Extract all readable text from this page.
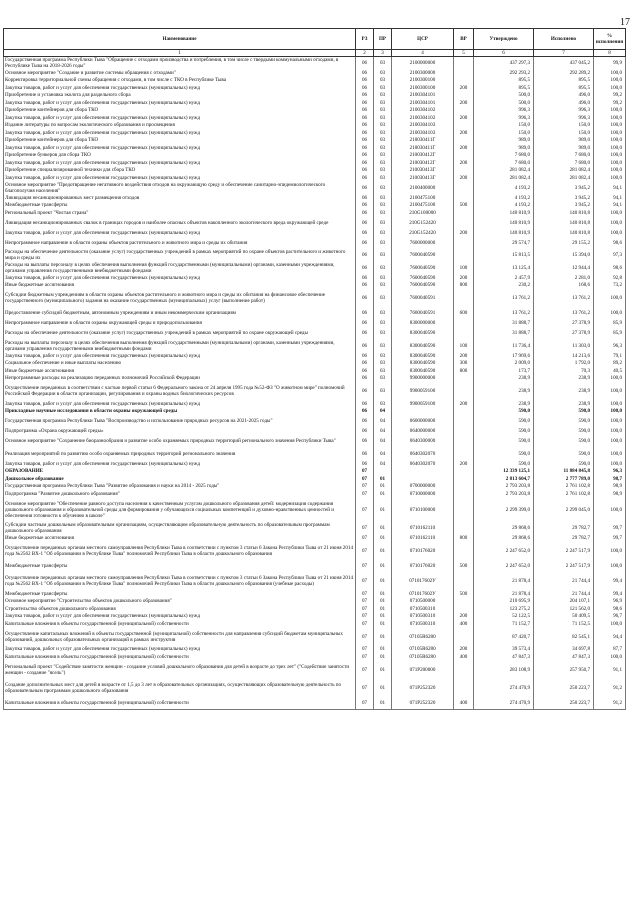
17
Наименование	РЗ	ПР	ЦСР	ВР	Утверждено	Исполнено	% исполнения
1	2	3	4	5	6	7	8
Государственная программа Республики Тыва "Обращение с отходами производства и потребления, в том числе с твердыми коммунальными отходами, в Республике Тыва на 2018-2026 годы"	06	03	2100000000		437 297,3	437 045,2	99,9
Основное мероприятие "Создание и развитие системы обращения с отходами"	06	03	2100300000		292 293,2	292 289,2	100,0
Корректировка территориальной схемы обращения с отходами, в том числе с ТКО в Республике Тыва	06	03	2100300100		895,5	895,5	100,0
Закупка товаров, работ и услуг для обеспечения государственных (муниципальных) нужд	06	03	2100300100	200	895,5	895,5	100,0
Приобретение и установка эколота для раздельного сбора	06	03	2100304101		500,0	496,0	99,2
Закупка товаров, работ и услуг для обеспечения государственных (муниципальных) нужд	06	03	2100304101	200	500,0	496,0	99,2
Приобретение контейнеров для сбора ТКО	06	03	2100304102		996,3	996,3	100,0
Закупка товаров, работ и услуг для обеспечения государственных (муниципальных) нужд	06	03	2100304102	200	996,3	996,3	100,0
Издание литературы по вопросам экологического образования и просвещения	06	03	2100304103		150,0	150,0	100,0
Закупка товаров, работ и услуг для обеспечения государственных (муниципальных) нужд	06	03	2100304103	200	150,0	150,0	100,0
Приобретение контейнеров для сбора ТКО	06	03	210030411Г		989,0	989,0	100,0
Закупка товаров, работ и услуг для обеспечения государственных (муниципальных) нужд	06	03	210030411Г	200	989,0	989,0	100,0
Приобретение бункеров для сбора ТКО	06	03	210030412Г		7 680,0	7 680,0	100,0
Закупка товаров, работ и услуг для обеспечения государственных (муниципальных) нужд	06	03	210030412Г	200	7 680,0	7 680,0	100,0
Приобретение специализированной техники для сбора ТКО	06	03	210030413Г		281 082,4	281 082,4	100,0
Закупка товаров, работ и услуг для обеспечения государственных (муниципальных) нужд	06	03	210030413Г	200	281 082,4	281 082,4	100,0
Основное мероприятие "Предотвращение негативного воздействия отходов на окружающую среду и обеспечение санитарно-эпидемиологического благополучия населения"	06	03	2100400000		4 193,2	3 945,2	94,1
Ликвидация несанкционированных мест размещения отходов	06	03	2100475100		4 193,2	3 945,2	94,1
Межбюджетные трансферты	06	03	2100475100	500	4 193,2	3 945,2	94,1
Региональный проект "Чистая страна"	06	03	210G100000		140 810,9	140 810,8	100,0
Ликвидация несанкционированных свалок в границах городов и наиболее опасных объектов накопленного экологического вреда окружающей среде	06	03	210G152420		140 810,9	140 810,8	100,0
Закупка товаров, работ и услуг для обеспечения государственных (муниципальных) нужд	06	03	210G152420	200	140 810,9	140 810,8	100,0
Непрограммное направление в области охраны объектов растительного и животного мира и среды их обитания	06	03	7600000000		29 574,7	29 155,2	98,6
Расходы на обеспечение деятельности (оказание услуг) государственных учреждений в рамках мероприятий по охране объектов растительного и животного мира и среды их	06	03	7600040590		15 813,5	15 394,0	97,3
Расходы на выплаты персоналу в целях обеспечения выполнения функций государственными (муниципальными) органами, казенными учреждениями, органами управления государственными внебюджетными фондами	06	03	7600040590	100	13 125,4	12 944,4	98,6
Закупка товаров, работ и услуг для обеспечения государственных (муниципальных) нужд	06	03	7600040590	200	2 457,9	2 281,0	92,8
Иные бюджетные ассигнования	06	03	7600040590	800	230,2	168,6	73,2
Субсидии бюджетным учреждениям в области охраны объектов растительного и животного мира и среды их обитания на финансовое обеспечение государственного (муниципального) задания на оказание государственных (муниципальных) услуг (выполнение работ)	06	03	7600040591		13 761,2	13 761,2	100,0
Предоставление субсидий бюджетным, автономным учреждениям и иным некоммерческим организациям	06	03	7600040591	600	13 761,2	13 761,2	100,0
Непрограммное направление в области охраны окружающей среды и природопользования	06	03	8300000000		31 888,7	27 378,9	85,9
Расходы на обеспечение деятельности (оказание услуг) государственных учреждений в рамках мероприятий по охране окружающей среды	06	03	8300040590		31 888,7	27 378,9	85,9
Расходы на выплаты персоналу в целях обеспечения выполнения функций государственными (муниципальными) органами, казенными учреждениями, органами управления государственными внебюджетными фондами	06	03	8300040590	100	11 736,4	11 303,0	96,3
Закупка товаров, работ и услуг для обеспечения государственных (муниципальных) нужд	06	03	8300040590	200	17 969,6	14 213,6	79,1
Социальное обеспечение и иные выплаты населению	06	03	8300040590	300	2 009,0	1 792,0	89,2
Иные бюджетные ассигнования	06	03	8300040590	800	173,7	70,3	40,5
Непрограммные расходы на реализацию переданных полномочий Российской Федерации	06	03	9900000000		238,9	238,9	100,0
Осуществление переданных в соответствии с частью первой статьи 6 Федерального закона от 24 апреля 1995 года №52-ФЗ "О животном мире" полномочий Российской Федерации в области организации, регулирования и охраны водных биологических ресурсов	06	03	9900059100		238,9	238,9	100,0
Закупка товаров, работ и услуг для обеспечения государственных (муниципальных) нужд	06	03	9900059100	200	238,9	238,9	100,0
Прикладные научные исследования в области охраны окружающей среды	06	04			590,0	590,0	100,0
Государственная программа Республики Тыва "Воспроизводство и использование природных ресурсов на 2021-2025 годы"	06	04	0600000000		590,0	590,0	100,0
Подпрограмма «Охрана окружающей среды»	06	04	0640000000		590,0	590,0	100,0
Основное мероприятие "Сохранение биоразнообразия и развитие особо охраняемых природных территорий регионального значения Республики Тыва"	06	04	0640300000		590,0	590,0	100,0
Реализация мероприятий по развитию особо охраняемых природных территорий регионального значения	06	04	0640302070		590,0	590,0	100,0
Закупка товаров, работ и услуг для обеспечения государственных (муниципальных) нужд	06	04	0640302070	200	590,0	590,0	100,0
ОБРАЗОВАНИЕ	07				12 339 125,1	11 884 845,8	96,3
Дошкольное образование	07	01			2 813 604,7	2 777 789,0	98,7
Государственная программа Республики Тыва "Развитие образования и науки на 2014 - 2025 годы"	07	01	0700000000		2 793 203,8	2 761 102,8	98,9
Подпрограмма "Развитие дошкольного образования"	07	01	0710000000		2 793 203,8	2 761 102,8	98,9
Основное мероприятие "Обеспечение равного доступа населения к качественным услугам дошкольного образования детей: модернизация содержания дошкольного образования и образовательной среды для формирования у обучающихся социальных компетенций и духовно-нравственных ценностей и обеспечения готовности к обучению в школе"	07	01	0710100000		2 299 399,0	2 299 045,0	100,0
Субсидии частным дошкольным образовательным организациям, осуществляющим образовательную деятельность по образовательным программам дошкольного образования	07	01	0710162110		29 868,6	29 782,7	99,7
Иные бюджетные ассигнования	07	01	0710162110	800	29 868,6	29 782,7	99,7
Осуществление переданных органам местного самоуправления Республики Тыва в соответствии с пунктом 3 статьи 6 Закона Республики Тыва от 21 июня 2014 года №2562 ВХ-1 "Об образовании в Республике Тыва" полномочий Республики Тыва в области дошкольного образования	07	01	0710176020		2 247 652,0	2 247 517,9	100,0
Межбюджетные трансферты	07	01	0710176020	500	2 247 652,0	2 247 517,9	100,0
Осуществление переданных органам местного самоуправления Республики Тыва в соответствии с пунктом 3 статьи 6 Закона Республики Тыва от 21 июня 2014 года №2562 ВХ-1 "Об образовании в Республике Тыва" полномочий Республики Тыва в области дошкольного образования (учебные расходы)	07	01	071017602У		21 878,4	21 744,4	99,4
Межбюджетные трансферты	07	01	071017602У	500	21 878,4	21 744,4	99,4
Основное мероприятие "Строительство объектов дошкольного образования"	07	01	0710500000		210 695,9	204 107,1	96,9
Строительство объектов дошкольного образования	07	01	0710500310		123 275,2	121 562,0	98,6
Закупка товаров, работ и услуг для обеспечения государственных (муниципальных) нужд	07	01	0710500310	200	52 122,5	50 409,5	96,7
Капитальные вложения в объекты государственной (муниципальной) собственности	07	01	0710500310	400	71 152,7	71 152,5	100,0
Осуществление капитальных вложений в объекты государственной (муниципальной) собственности для направления субсидий бюджетам муниципальных образований, дошкольных образовательных организаций в рамках инструктив	07	01	07105R6280		87 420,7	82 545,1	94,4
Закупка товаров, работ и услуг для обеспечения государственных (муниципальных) нужд	07	01	07105R6280	200	39 573,4	34 697,8	87,7
Капитальные вложения в объекты государственной (муниципальной) собственности	07	01	07105R6280	400	47 847,3	47 847,3	100,0
Региональный проект "Содействие занятости женщин - создание условий дошкольного образования для детей в возрасте до трех лет" ("Содействие занятости женщин - создание "ясель")	07	01	071P200000		283 108,9	257 950,7	91,1
Создание дополнительных мест для детей в возрасте от 1,5 до 3 лет в образовательных организациях, осуществляющих образовательную деятельность по образовательным программам дошкольного образования	07	01	071P252320		274 470,9	250 223,7	91,2
Капитальные вложения в объекты государственной (муниципальной) собственности	07	01	071P252320	400	274 470,9	250 223,7	91,2
